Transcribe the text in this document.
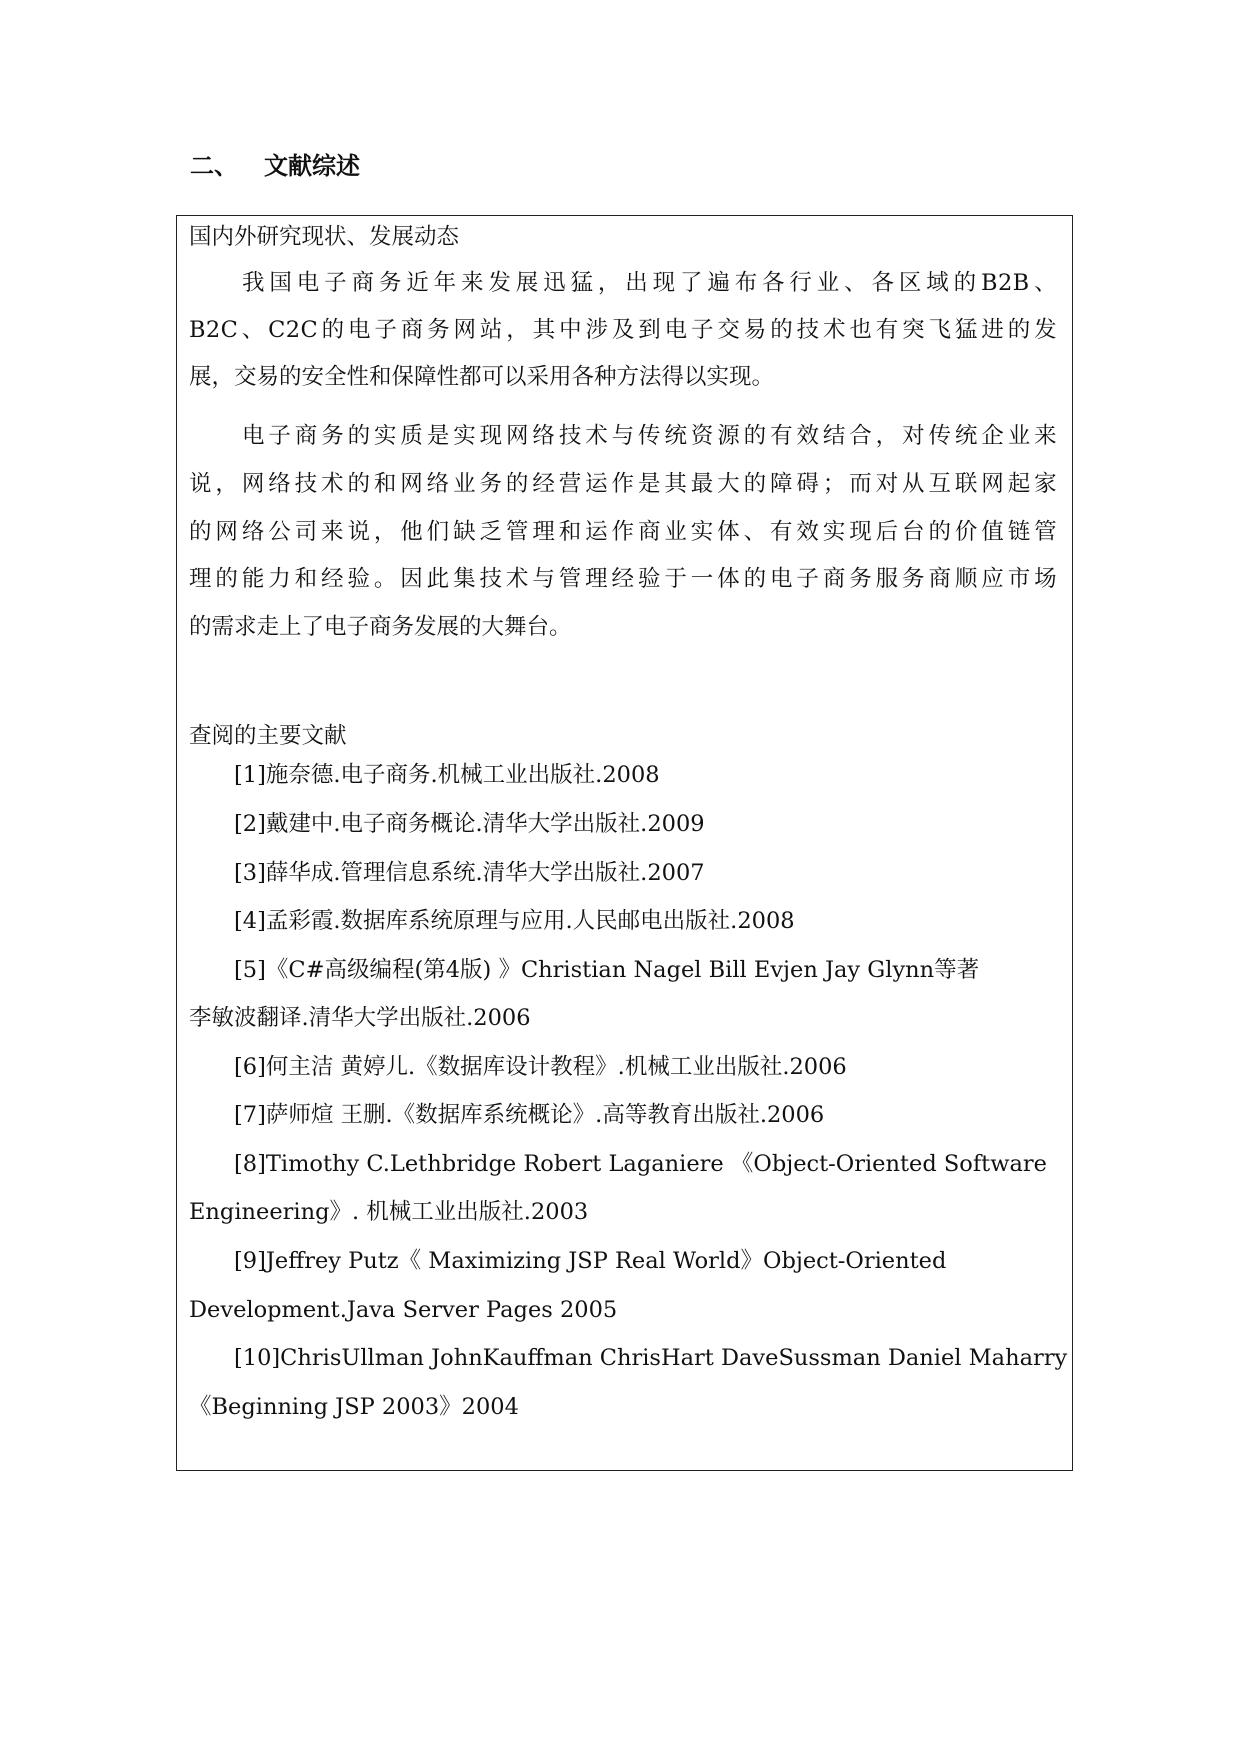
二、 文献综述
国内外研究现状、发展动态
我国电子商务近年来发展迅猛，出现了遍布各行业、各区域的B2B、
B2C、C2C的电子商务网站，其中涉及到电子交易的技术也有突飞猛进的发
展，交易的安全性和保障性都可以采用各种方法得以实现。
电子商务的实质是实现网络技术与传统资源的有效结合，对传统企业来
说，网络技术的和网络业务的经营运作是其最大的障碍；而对从互联网起家
的网络公司来说，他们缺乏管理和运作商业实体、有效实现后台的价值链管
理的能力和经验。因此集技术与管理经验于一体的电子商务服务商顺应市场
的需求走上了电子商务发展的大舞台。
查阅的主要文献
[1]施奈德.电子商务.机械工业出版社.2008
[2]戴建中.电子商务概论.清华大学出版社.2009
[3]薛华成.管理信息系统.清华大学出版社.2007
[4]孟彩霞.数据库系统原理与应用.人民邮电出版社.2008
[5]《C#高级编程(第4版) 》Christian Nagel Bill Evjen Jay Glynn等著
李敏波翻译.清华大学出版社.2006
[6]何主洁 黄婷儿.《数据库设计教程》.机械工业出版社.2006
[7]萨师煊 王删.《数据库系统概论》.高等教育出版社.2006
[8]Timothy C.Lethbridge Robert Laganiere 《Object-Oriented Software
Engineering》. 机械工业出版社.2003
[9]Jeffrey Putz《 Maximizing JSP Real World》Object-Oriented
Development.Java Server Pages 2005
[10]ChrisUllman JohnKauffman ChrisHart DaveSussman Daniel Maharry
《Beginning JSP 2003》2004
